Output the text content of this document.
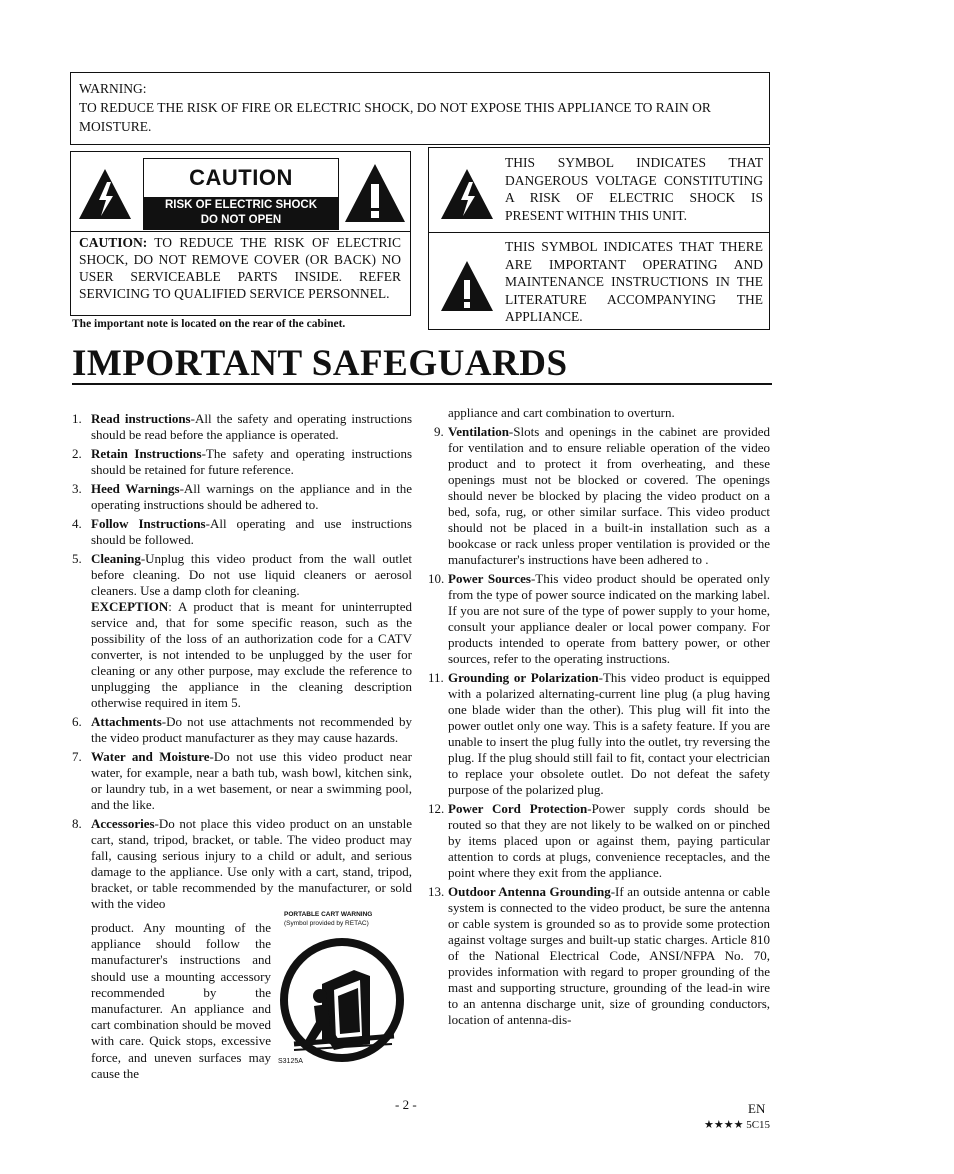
WARNING:
TO REDUCE THE RISK OF FIRE OR ELECTRIC SHOCK, DO NOT EXPOSE THIS APPLIANCE TO RAIN OR MOISTURE.
CAUTION
RISK OF ELECTRIC SHOCK
DO NOT OPEN
CAUTION: TO REDUCE THE RISK OF ELECTRIC SHOCK, DO NOT REMOVE COVER (OR BACK) NO USER SERVICEABLE PARTS INSIDE. REFER SERVICING TO QUALIFIED SERVICE PERSONNEL.
The important note is located on the rear of the cabinet.
THIS SYMBOL INDICATES THAT DANGEROUS VOLTAGE CONSTITUTING A RISK OF ELECTRIC SHOCK IS PRESENT WITHIN THIS UNIT.
THIS SYMBOL INDICATES THAT THERE ARE IMPORTANT OPERATING AND MAINTENANCE INSTRUCTIONS IN THE LITERATURE ACCOMPANYING THE APPLIANCE.
IMPORTANT SAFEGUARDS
1. Read instructions-All the safety and operating instructions should be read before the appliance is operated.
2. Retain Instructions-The safety and operating instructions should be retained for future reference.
3. Heed Warnings-All warnings on the appliance and in the operating instructions should be adhered to.
4. Follow Instructions-All operating and use instructions should be followed.
5. Cleaning-Unplug this video product from the wall outlet before cleaning. Do not use liquid cleaners or aerosol cleaners. Use a damp cloth for cleaning.
EXCEPTION: A product that is meant for uninterrupted service and, that for some specific reason, such as the possibility of the loss of an authorization code for a CATV converter, is not intended to be unplugged by the user for cleaning or any other purpose, may exclude the reference to unplugging the appliance in the cleaning description otherwise required in item 5.
6. Attachments-Do not use attachments not recommended by the video product manufacturer as they may cause hazards.
7. Water and Moisture-Do not use this video product near water, for example, near a bath tub, wash bowl, kitchen sink, or laundry tub, in a wet basement, or near a swimming pool, and the like.
8. Accessories-Do not place this video product on an unstable cart, stand, tripod, bracket, or table. The video product may fall, causing serious injury to a child or adult, and serious damage to the appliance. Use only with a cart, stand, tripod, bracket, or table recommended by the manufacturer, or sold with the video
product. Any mounting of the appliance should follow the manufacturer's instructions and should use a mounting accessory recommended by the manufacturer. An appliance and cart combination should be moved with care. Quick stops, excessive force, and uneven surfaces may cause the
PORTABLE CART WARNING
(Symbol provided by RETAC)
S3125A
appliance and cart combination to overturn.
9. Ventilation-Slots and openings in the cabinet are provided for ventilation and to ensure reliable operation of the video product and to protect it from overheating, and these openings must not be blocked or covered. The openings should never be blocked by placing the video product on a bed, sofa, rug, or other similar surface. This video product should not be placed in a built-in installation such as a bookcase or rack unless proper ventilation is provided or the manufacturer's instructions have been adhered to .
10. Power Sources-This video product should be operated only from the type of power source indicated on the marking label. If you are not sure of the type of power supply to your home, consult your appliance dealer or local power company. For products intended to operate from battery power, or other sources, refer to the operating instructions.
11. Grounding or Polarization-This video product is equipped with a polarized alternating-current line plug (a plug having one blade wider than the other). This plug will fit into the power outlet only one way. This is a safety feature. If you are unable to insert the plug fully into the outlet, try reversing the plug. If the plug should still fail to fit, contact your electrician to replace your obsolete outlet. Do not defeat the safety purpose of the polarized plug.
12. Power Cord Protection-Power supply cords should be routed so that they are not likely to be walked on or pinched by items placed upon or against them, paying particular attention to cords at plugs, convenience receptacles, and the point where they exit from the appliance.
13. Outdoor Antenna Grounding-If an outside antenna or cable system is connected to the video product, be sure the antenna or cable system is grounded so as to provide some protection against voltage surges and built-up static charges. Article 810 of the National Electrical Code, ANSI/NFPA No. 70, provides information with regard to proper grounding of the mast and supporting structure, grounding of the lead-in wire to an antenna discharge unit, size of grounding conductors, location of antenna-dis-
- 2 -	EN
★★★★ 5C15
